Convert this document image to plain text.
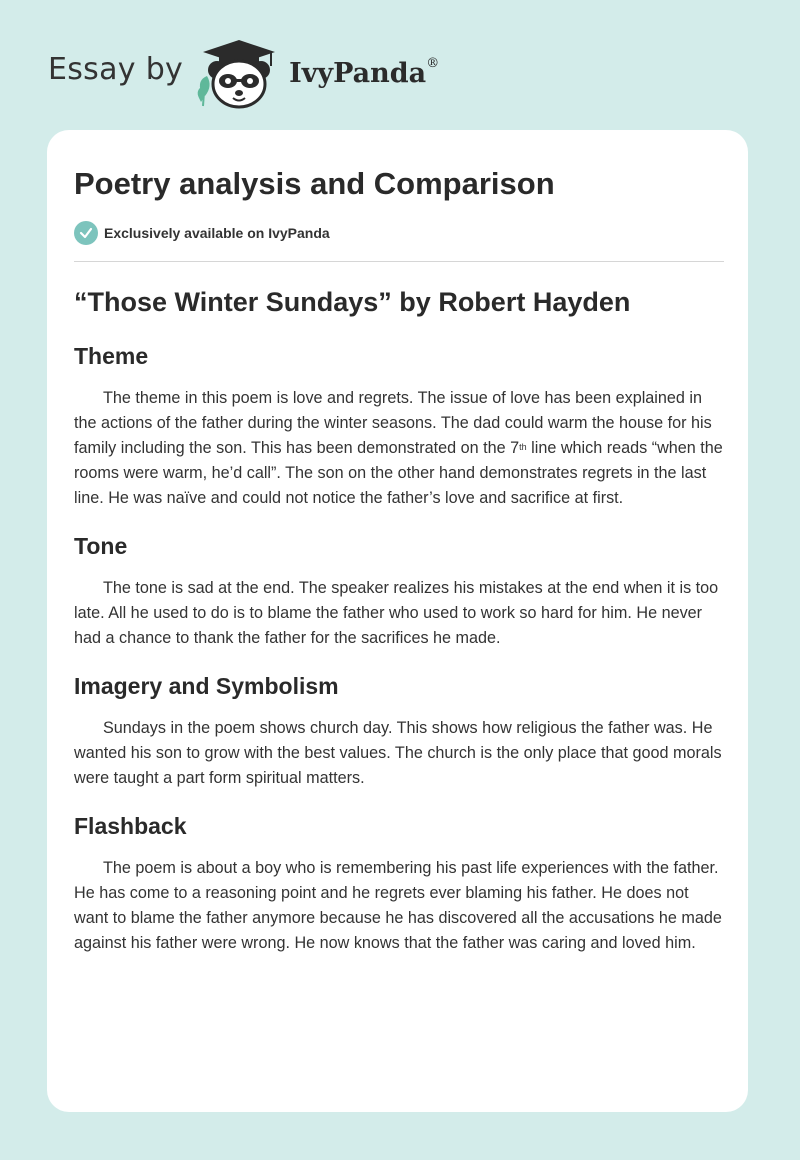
Essay by	IvyPanda®
Poetry analysis and Comparison
Exclusively available on IvyPanda
“Those Winter Sundays” by Robert Hayden
Theme

The theme in this poem is love and regrets. The issue of love has been explained in the actions of the father during the winter seasons. The dad could warm the house for his family including the son. This has been demonstrated on the 7th line which reads “when the rooms were warm, he’d call”. The son on the other hand demonstrates regrets in the last line. He was naïve and could not notice the father’s love and sacrifice at first.

Tone

The tone is sad at the end. The speaker realizes his mistakes at the end when it is too late. All he used to do is to blame the father who used to work so hard for him. He never had a chance to thank the father for the sacrifices he made.

Imagery and Symbolism

Sundays in the poem shows church day. This shows how religious the father was. He wanted his son to grow with the best values. The church is the only place that good morals were taught a part form spiritual matters.

Flashback

The poem is about a boy who is remembering his past life experiences with the father. He has come to a reasoning point and he regrets ever blaming his father. He does not want to blame the father anymore because he has discovered all the accusations he made against his father were wrong. He now knows that the father was caring and loved him.
